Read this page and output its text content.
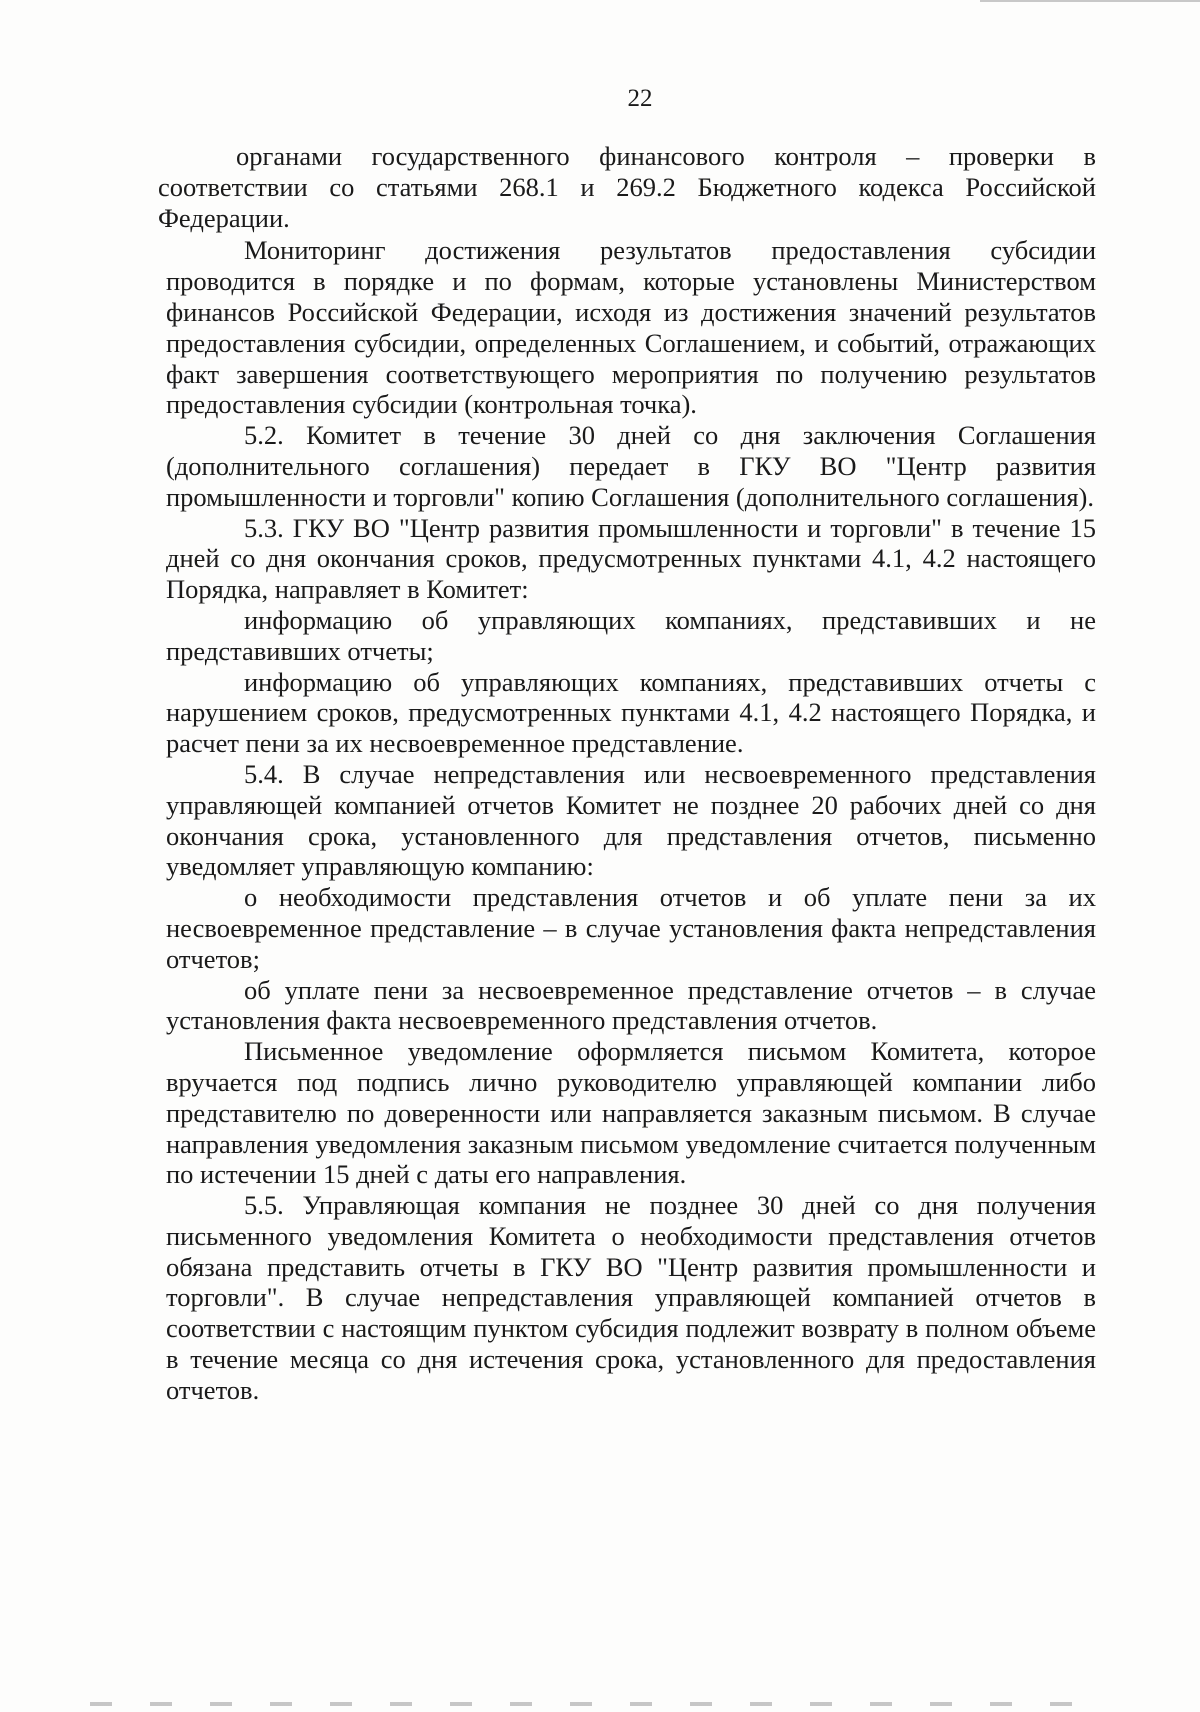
22

органами государственного финансового контроля – проверки в соответствии со статьями 268.1 и 269.2 Бюджетного кодекса Российской Федерации.

Мониторинг достижения результатов предоставления субсидии проводится в порядке и по формам, которые установлены Министерством финансов Российской Федерации, исходя из достижения значений результатов предоставления субсидии, определенных Соглашением, и событий, отражающих факт завершения соответствующего мероприятия по получению результатов предоставления субсидии (контрольная точка).

5.2. Комитет в течение 30 дней со дня заключения Соглашения (дополнительного соглашения) передает в ГКУ ВО "Центр развития промышленности и торговли" копию Соглашения (дополнительного соглашения).

5.3. ГКУ ВО "Центр развития промышленности и торговли" в течение 15 дней со дня окончания сроков, предусмотренных пунктами 4.1, 4.2 настоящего Порядка, направляет в Комитет:

информацию об управляющих компаниях, представивших и не представивших отчеты;

информацию об управляющих компаниях, представивших отчеты с нарушением сроков, предусмотренных пунктами 4.1, 4.2 настоящего Порядка, и расчет пени за их несвоевременное представление.

5.4. В случае непредставления или несвоевременного представления управляющей компанией отчетов Комитет не позднее 20 рабочих дней со дня окончания срока, установленного для представления отчетов, письменно уведомляет управляющую компанию:

о необходимости представления отчетов и об уплате пени за их несвоевременное представление – в случае установления факта непредставления отчетов;

об уплате пени за несвоевременное представление отчетов – в случае установления факта несвоевременного представления отчетов.

Письменное уведомление оформляется письмом Комитета, которое вручается под подпись лично руководителю управляющей компании либо представителю по доверенности или направляется заказным письмом. В случае направления уведомления заказным письмом уведомление считается полученным по истечении 15 дней с даты его направления.

5.5. Управляющая компания не позднее 30 дней со дня получения письменного уведомления Комитета о необходимости представления отчетов обязана представить отчеты в ГКУ ВО "Центр развития промышленности и торговли". В случае непредставления управляющей компанией отчетов в соответствии с настоящим пунктом субсидия подлежит возврату в полном объеме в течение месяца со дня истечения срока, установленного для предоставления отчетов.
